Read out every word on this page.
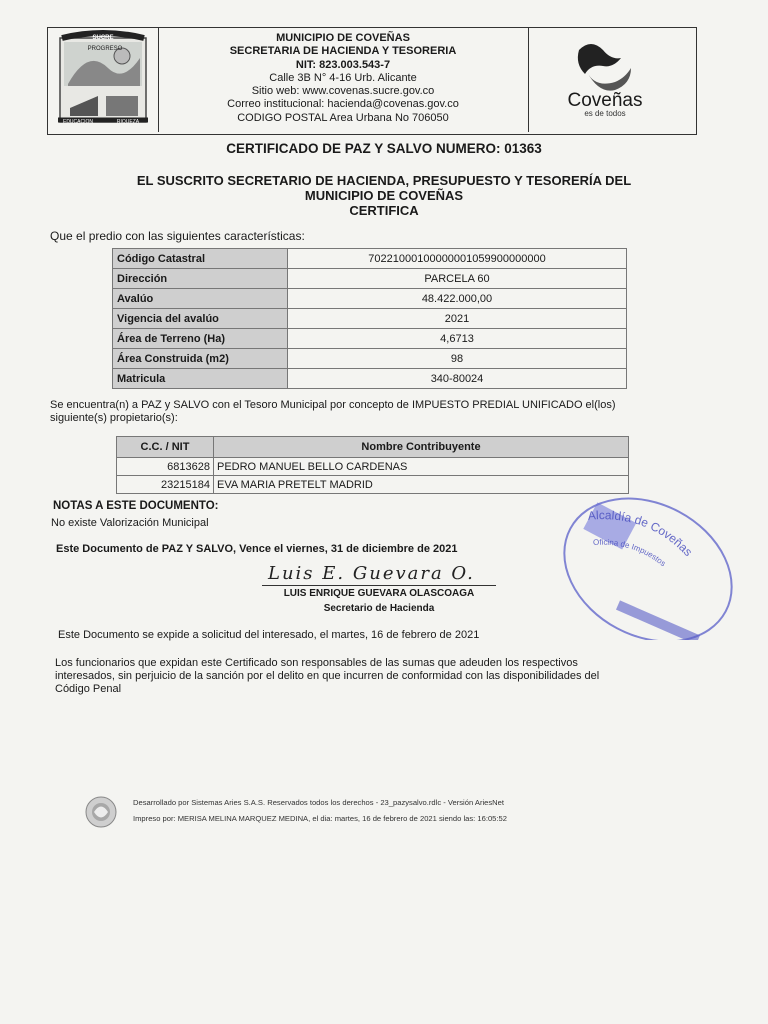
SUCRE
PROGRESO
EDUCACION	RIQUEZA
MUNICIPIO DE COVEÑAS
SECRETARIA DE HACIENDA Y TESORERIA
NIT: 823.003.543-7
Calle 3B N° 4-16 Urb. Alicante
Sitio web: www.covenas.sucre.gov.co
Correo institucional: hacienda@covenas.gov.co
CODIGO POSTAL Area Urbana No 706050
Coveñas
es de todos
CERTIFICADO DE PAZ Y SALVO NUMERO: 01363
EL SUSCRITO SECRETARIO DE HACIENDA, PRESUPUESTO Y TESORERÍA DEL
MUNICIPIO DE COVEÑAS
CERTIFICA
Que el predio con las siguientes características:
Código Catastral	70221000100000001059900000000
Dirección	PARCELA 60
Avalúo	48.422.000,00
Vigencia del avalúo	2021
Área de Terreno (Ha)	4,6713
Área Construida (m2)	98
Matricula	340-80024
Se encuentra(n) a PAZ y SALVO con el Tesoro Municipal por concepto de IMPUESTO PREDIAL UNIFICADO el(los)
siguiente(s) propietario(s):
C.C. / NIT	Nombre Contribuyente
6813628	PEDRO MANUEL BELLO CARDENAS
23215184	EVA MARIA PRETELT MADRID
NOTAS A ESTE DOCUMENTO:
No existe Valorización Municipal
Este Documento de PAZ Y SALVO, Vence el viernes, 31 de diciembre de 2021
Luis E. Guevara O.
LUIS ENRIQUE GUEVARA OLASCOAGA
Secretario de Hacienda
Alcaldía de Coveñas
Oficina de Impuestos
Este Documento se expide a solicitud del interesado, el martes, 16 de febrero de 2021
Los funcionarios que expidan este Certificado son responsables de las sumas que adeuden los respectivos
interesados, sin perjuicio de la sanción por el delito en que incurren de conformidad con las disponibilidades del
Código Penal
Desarrollado por Sistemas Aries S.A.S. Reservados todos los derechos - 23_pazysalvo.rdlc - Versión AriesNet
Impreso por: MERISA MELINA MARQUEZ MEDINA, el dia: martes, 16 de febrero de 2021 siendo las: 16:05:52
